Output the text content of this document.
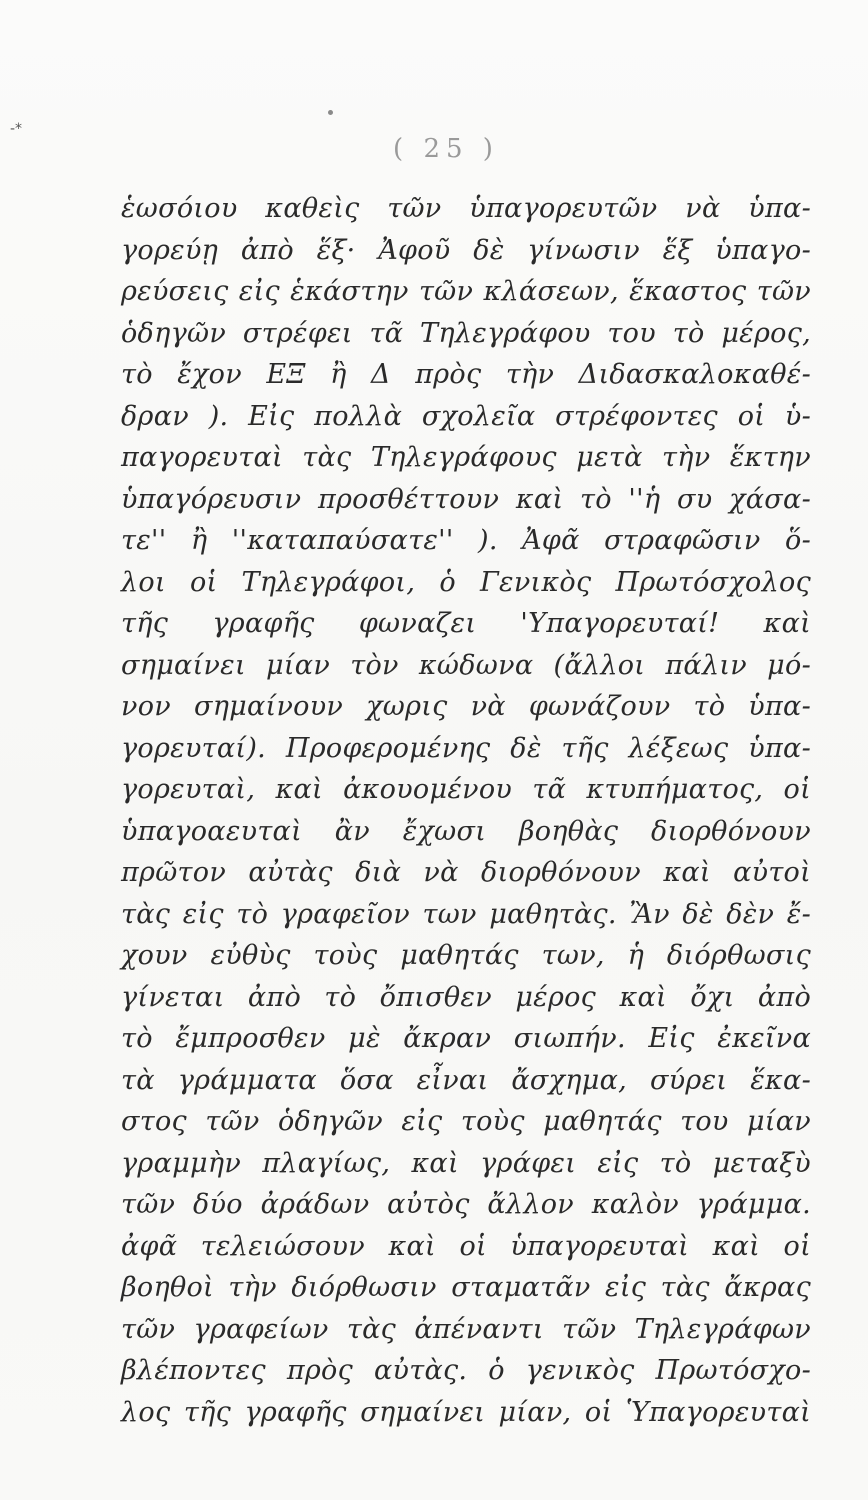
-*
( 25 )
ἑωσόιου καθεὶς τῶν ὑπαγορευτῶν νὰ ὑπα-
γορεύῃ ἀπὸ ἕξ· Ἀφοῦ δὲ γίνωσιν ἕξ ὑπαγο-
ρεύσεις εἰς ἑκάστην τῶν κλάσεων, ἕκαστος τῶν
ὁδηγῶν στρέφει τᾶ Τηλεγράφου του τὸ μέρος,
τὸ ἔχον ΕΞ ἢ Δ πρὸς τὴν Διδασκαλοκαθέ-
δραν ). Εἰς πολλὰ σχολεῖα στρέφοντες οἱ ὑ-
παγορευταὶ τὰς Τηλεγράφους μετὰ τὴν ἕκτην
ὑπαγόρευσιν προσθέττουν καὶ τὸ ''ἡ συ χάσα-
τε'' ἢ ''καταπαύσατε'' ). Ἀφᾶ στραφῶσιν ὅ-
λοι οἱ Τηλεγράφοι, ὁ Γενικὸς Πρωτόσχολος
τῆς γραφῆς φωναζει 'Υπαγορευταί! καὶ
σημαίνει μίαν τὸν κώδωνα (ἄλλοι πάλιν μό-
νον σημαίνουν χωρις νὰ φωνάζουν τὸ ὑπα-
γορευταί). Προφερομένης δὲ τῆς λέξεως ὑπα-
γορευταὶ, καὶ ἀκουομένου τᾶ κτυπήματος, οἱ
ὑπαγοαευταὶ ἂν ἔχωσι βοηθὰς διορθόνουν
πρῶτον αὐτὰς διὰ νὰ διορθόνουν καὶ αὐτοὶ
τὰς εἰς τὸ γραφεῖον των μαθητὰς. Ἂν δὲ δὲν ἔ-
χουν εὐθὺς τοὺς μαθητάς των, ἡ διόρθωσις
γίνεται ἀπὸ τὸ ὄπισθεν μέρος καὶ ὄχι ἀπὸ
τὸ ἔμπροσθεν μὲ ἄκραν σιωπήν. Εἰς ἐκεῖνα
τὰ γράμματα ὅσα εἶναι ἄσχημα, σύρει ἕκα-
στος τῶν ὁδηγῶν εἰς τοὺς μαθητάς του μίαν
γραμμὴν πλαγίως, καὶ γράφει εἰς τὸ μεταξὺ
τῶν δύο ἀράδων αὐτὸς ἄλλον καλὸν γράμμα.
ἀφᾶ τελειώσουν καὶ οἱ ὑπαγορευταὶ καὶ οἱ
βοηθοὶ τὴν διόρθωσιν σταματᾶν εἰς τὰς ἄκρας
τῶν γραφείων τὰς ἀπέναντι τῶν Τηλεγράφων
βλέποντες πρὸς αὐτὰς. ὁ γενικὸς Πρωτόσχο-
λος τῆς γραφῆς σημαίνει μίαν, οἱ Ὑπαγορευταὶ
